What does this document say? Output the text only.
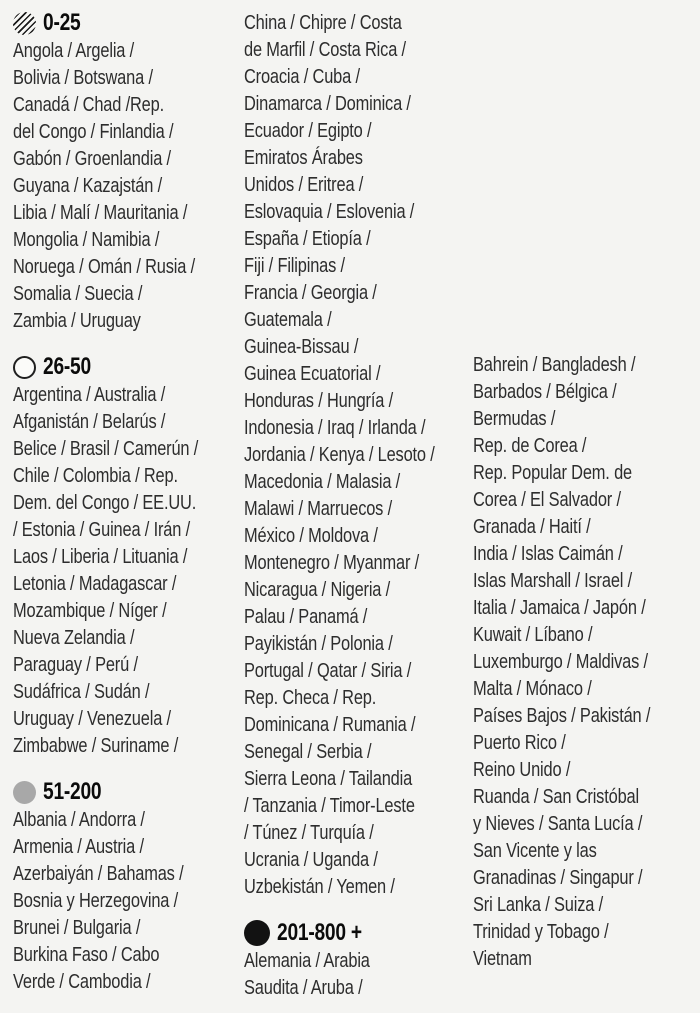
0-25
Angola / Argelia /
Bolivia / Botswana /
Canadá / Chad /Rep.
del Congo / Finlandia /
Gabón / Groenlandia /
Guyana / Kazajstán /
Libia / Malí / Mauritania /
Mongolia / Namibia /
Noruega / Omán / Rusia /
Somalia / Suecia /
Zambia / Uruguay
26-50
Argentina / Australia /
Afganistán / Belarús /
Belice / Brasil / Camerún /
Chile / Colombia / Rep.
Dem. del Congo / EE.UU.
/ Estonia / Guinea / Irán /
Laos / Liberia / Lituania /
Letonia / Madagascar /
Mozambique / Níger /
Nueva Zelandia /
Paraguay / Perú /
Sudáfrica / Sudán /
Uruguay / Venezuela /
Zimbabwe / Suriname /
51-200
Albania / Andorra /
Armenia / Austria /
Azerbaiyán / Bahamas /
Bosnia y Herzegovina /
Brunei / Bulgaria /
Burkina Faso / Cabo
Verde / Cambodia /
China / Chipre / Costa
de Marfil / Costa Rica /
Croacia / Cuba /
Dinamarca / Dominica /
Ecuador / Egipto /
Emiratos Árabes
Unidos / Eritrea /
Eslovaquia / Eslovenia /
España / Etiopía /
Fiji / Filipinas /
Francia / Georgia /
Guatemala /
Guinea-Bissau /
Guinea Ecuatorial /
Honduras / Hungría /
Indonesia / Iraq / Irlanda /
Jordania / Kenya / Lesoto /
Macedonia / Malasia /
Malawi / Marruecos /
México / Moldova /
Montenegro / Myanmar /
Nicaragua / Nigeria /
Palau / Panamá /
Payikistán / Polonia /
Portugal / Qatar / Siria /
Rep. Checa / Rep.
Dominicana / Rumania /
Senegal / Serbia /
Sierra Leona / Tailandia
/ Tanzania / Timor-Leste
/ Túnez / Turquía /
Ucrania / Uganda /
Uzbekistán / Yemen /
201-800 +
Alemania / Arabia
Saudita / Aruba /
Bahrein / Bangladesh /
Barbados / Bélgica /
Bermudas /
Rep. de Corea /
Rep. Popular Dem. de
Corea / El Salvador /
Granada / Haití /
India / Islas Caimán /
Islas Marshall / Israel /
Italia / Jamaica / Japón /
Kuwait / Líbano /
Luxemburgo / Maldivas /
Malta / Mónaco /
Países Bajos / Pakistán /
Puerto Rico /
Reino Unido /
Ruanda / San Cristóbal
y Nieves / Santa Lucía /
San Vicente y las
Granadinas / Singapur /
Sri Lanka / Suiza /
Trinidad y Tobago /
Vietnam
